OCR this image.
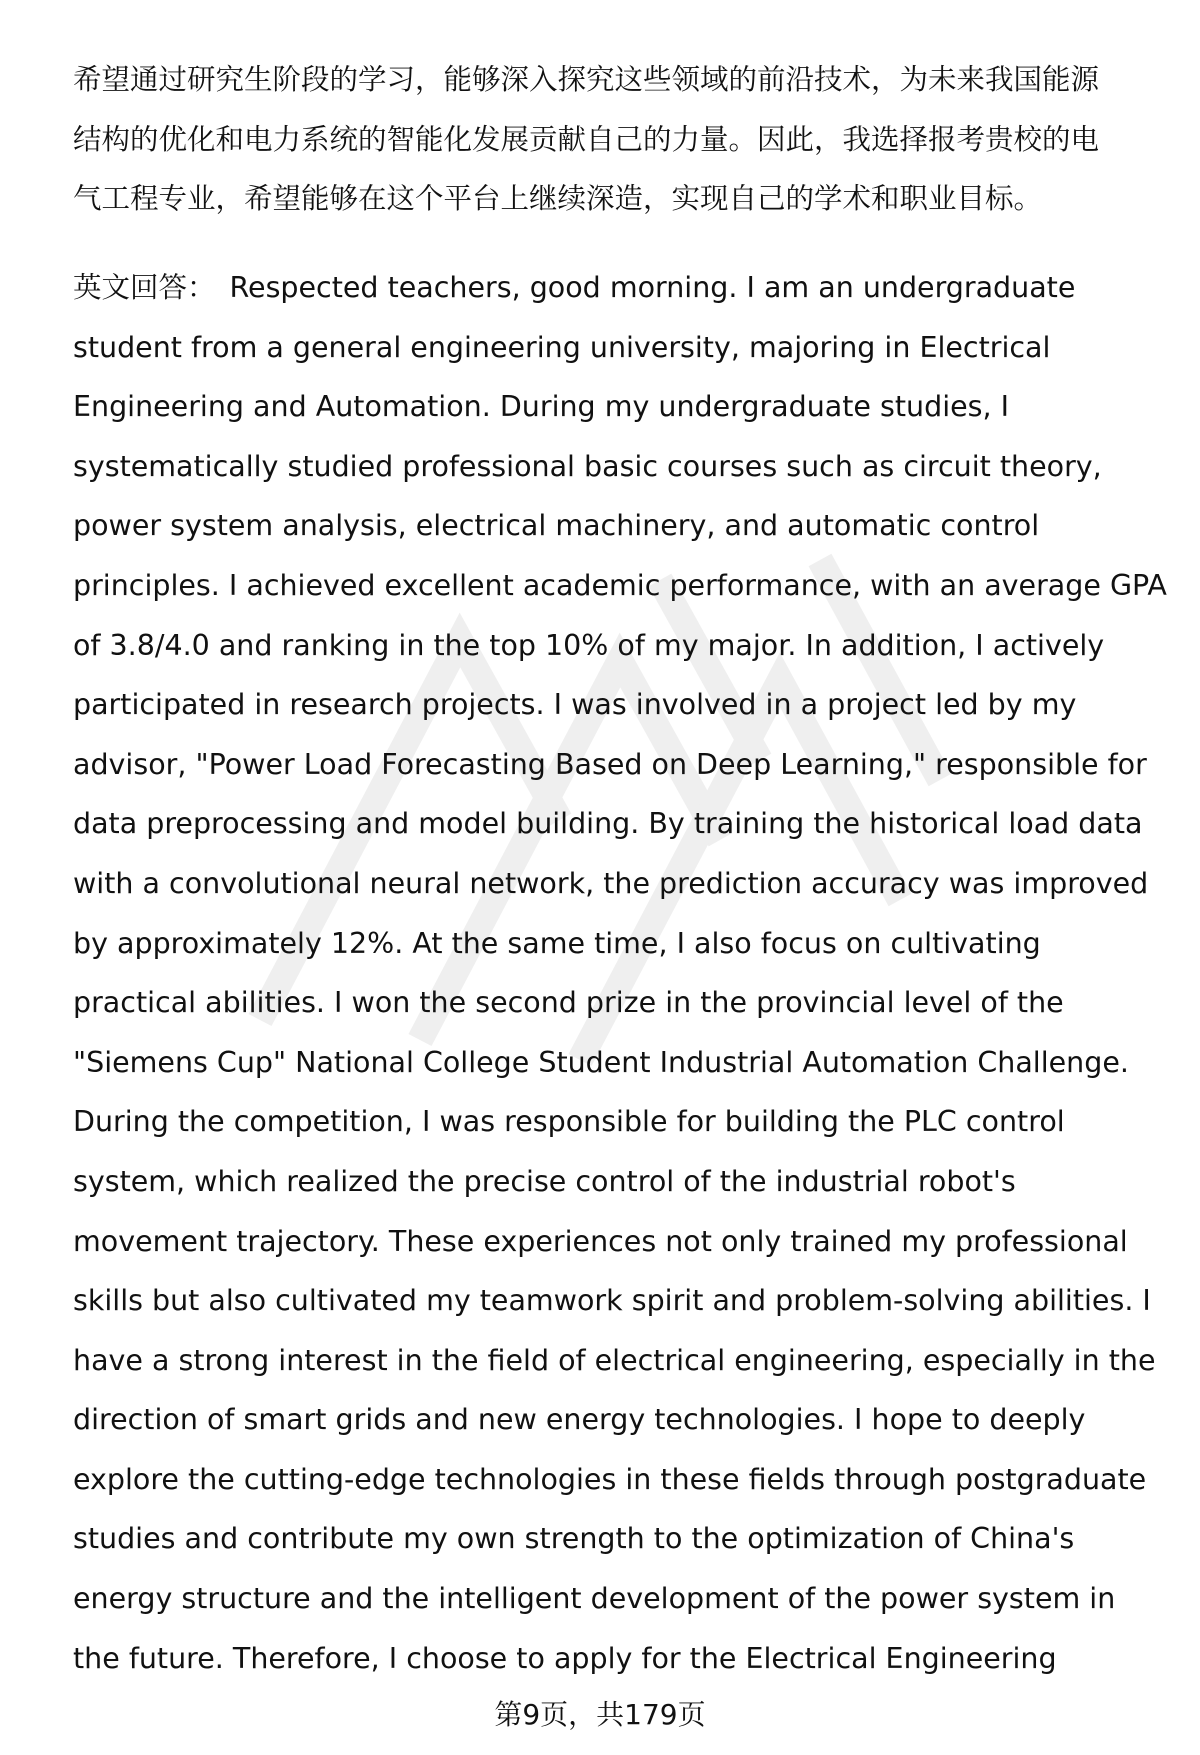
希望通过研究生阶段的学习，能够深入探究这些领域的前沿技术，为未来我国能源
结构的优化和电力系统的智能化发展贡献自己的力量。因此，我选择报考贵校的电
气工程专业，希望能够在这个平台上继续深造，实现自己的学术和职业目标。
英文回答： Respected teachers, good morning. I am an undergraduate
student from a general engineering university, majoring in Electrical
Engineering and Automation. During my undergraduate studies, I
systematically studied professional basic courses such as circuit theory,
power system analysis, electrical machinery, and automatic control
principles. I achieved excellent academic performance, with an average GPA
of 3.8/4.0 and ranking in the top 10% of my major. In addition, I actively
participated in research projects. I was involved in a project led by my
advisor, "Power Load Forecasting Based on Deep Learning," responsible for
data preprocessing and model building. By training the historical load data
with a convolutional neural network, the prediction accuracy was improved
by approximately 12%. At the same time, I also focus on cultivating
practical abilities. I won the second prize in the provincial level of the
"Siemens Cup" National College Student Industrial Automation Challenge.
During the competition, I was responsible for building the PLC control
system, which realized the precise control of the industrial robot's
movement trajectory. These experiences not only trained my professional
skills but also cultivated my teamwork spirit and problem-solving abilities. I
have a strong interest in the field of electrical engineering, especially in the
direction of smart grids and new energy technologies. I hope to deeply
explore the cutting-edge technologies in these fields through postgraduate
studies and contribute my own strength to the optimization of China's
energy structure and the intelligent development of the power system in
the future. Therefore, I choose to apply for the Electrical Engineering
第9页，共179页
